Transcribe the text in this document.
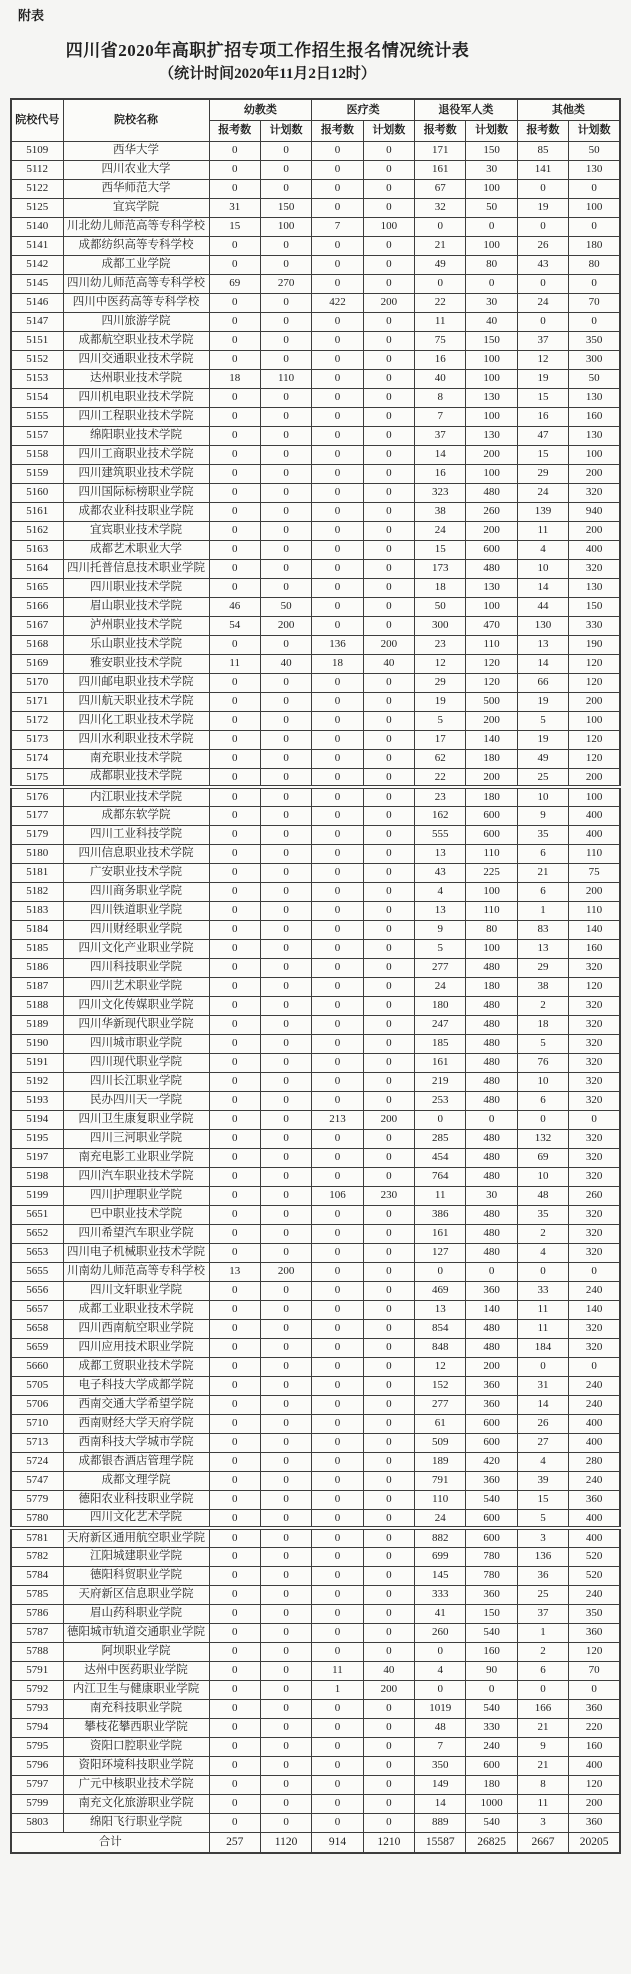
附表
四川省2020年高职扩招专项工作招生报名情况统计表
（统计时间2020年11月2日12时）
院校代号	院校名称	幼教类		医疗类		退役军人类		其他类	
		报考数	计划数	报考数	计划数	报考数	计划数	报考数	计划数
5109	西华大学	0	0	0	0	171	150	85	50
5112	四川农业大学	0	0	0	0	161	30	141	130
5122	西华师范大学	0	0	0	0	67	100	0	0
5125	宜宾学院	31	150	0	0	32	50	19	100
5140	川北幼儿师范高等专科学校	15	100	7	100	0	0	0	0
5141	成都纺织高等专科学校	0	0	0	0	21	100	26	180
5142	成都工业学院	0	0	0	0	49	80	43	80
5145	四川幼儿师范高等专科学校	69	270	0	0	0	0	0	0
5146	四川中医药高等专科学校	0	0	422	200	22	30	24	70
5147	四川旅游学院	0	0	0	0	11	40	0	0
5151	成都航空职业技术学院	0	0	0	0	75	150	37	350
5152	四川交通职业技术学院	0	0	0	0	16	100	12	300
5153	达州职业技术学院	18	110	0	0	40	100	19	50
5154	四川机电职业技术学院	0	0	0	0	8	130	15	130
5155	四川工程职业技术学院	0	0	0	0	7	100	16	160
5157	绵阳职业技术学院	0	0	0	0	37	130	47	130
5158	四川工商职业技术学院	0	0	0	0	14	200	15	100
5159	四川建筑职业技术学院	0	0	0	0	16	100	29	200
5160	四川国际标榜职业学院	0	0	0	0	323	480	24	320
5161	成都农业科技职业学院	0	0	0	0	38	260	139	940
5162	宜宾职业技术学院	0	0	0	0	24	200	11	200
5163	成都艺术职业大学	0	0	0	0	15	600	4	400
5164	四川托普信息技术职业学院	0	0	0	0	173	480	10	320
5165	四川职业技术学院	0	0	0	0	18	130	14	130
5166	眉山职业技术学院	46	50	0	0	50	100	44	150
5167	泸州职业技术学院	54	200	0	0	300	470	130	330
5168	乐山职业技术学院	0	0	136	200	23	110	13	190
5169	雅安职业技术学院	11	40	18	40	12	120	14	120
5170	四川邮电职业技术学院	0	0	0	0	29	120	66	120
5171	四川航天职业技术学院	0	0	0	0	19	500	19	200
5172	四川化工职业技术学院	0	0	0	0	5	200	5	100
5173	四川水利职业技术学院	0	0	0	0	17	140	19	120
5174	南充职业技术学院	0	0	0	0	62	180	49	120
5175	成都职业技术学院	0	0	0	0	22	200	25	200
5176	内江职业技术学院	0	0	0	0	23	180	10	100
5177	成都东软学院	0	0	0	0	162	600	9	400
5179	四川工业科技学院	0	0	0	0	555	600	35	400
5180	四川信息职业技术学院	0	0	0	0	13	110	6	110
5181	广安职业技术学院	0	0	0	0	43	225	21	75
5182	四川商务职业学院	0	0	0	0	4	100	6	200
5183	四川铁道职业学院	0	0	0	0	13	110	1	110
5184	四川财经职业学院	0	0	0	0	9	80	83	140
5185	四川文化产业职业学院	0	0	0	0	5	100	13	160
5186	四川科技职业学院	0	0	0	0	277	480	29	320
5187	四川艺术职业学院	0	0	0	0	24	180	38	120
5188	四川文化传媒职业学院	0	0	0	0	180	480	2	320
5189	四川华新现代职业学院	0	0	0	0	247	480	18	320
5190	四川城市职业学院	0	0	0	0	185	480	5	320
5191	四川现代职业学院	0	0	0	0	161	480	76	320
5192	四川长江职业学院	0	0	0	0	219	480	10	320
5193	民办四川天一学院	0	0	0	0	253	480	6	320
5194	四川卫生康复职业学院	0	0	213	200	0	0	0	0
5195	四川三河职业学院	0	0	0	0	285	480	132	320
5197	南充电影工业职业学院	0	0	0	0	454	480	69	320
5198	四川汽车职业技术学院	0	0	0	0	764	480	10	320
5199	四川护理职业学院	0	0	106	230	11	30	48	260
5651	巴中职业技术学院	0	0	0	0	386	480	35	320
5652	四川希望汽车职业学院	0	0	0	0	161	480	2	320
5653	四川电子机械职业技术学院	0	0	0	0	127	480	4	320
5655	川南幼儿师范高等专科学校	13	200	0	0	0	0	0	0
5656	四川文轩职业学院	0	0	0	0	469	360	33	240
5657	成都工业职业技术学院	0	0	0	0	13	140	11	140
5658	四川西南航空职业学院	0	0	0	0	854	480	11	320
5659	四川应用技术职业学院	0	0	0	0	848	480	184	320
5660	成都工贸职业技术学院	0	0	0	0	12	200	0	0
5705	电子科技大学成都学院	0	0	0	0	152	360	31	240
5706	西南交通大学希望学院	0	0	0	0	277	360	14	240
5710	西南财经大学天府学院	0	0	0	0	61	600	26	400
5713	西南科技大学城市学院	0	0	0	0	509	600	27	400
5724	成都银杏酒店管理学院	0	0	0	0	189	420	4	280
5747	成都文理学院	0	0	0	0	791	360	39	240
5779	德阳农业科技职业学院	0	0	0	0	110	540	15	360
5780	四川文化艺术学院	0	0	0	0	24	600	5	400
5781	天府新区通用航空职业学院	0	0	0	0	882	600	3	400
5782	江阳城建职业学院	0	0	0	0	699	780	136	520
5784	德阳科贸职业学院	0	0	0	0	145	780	36	520
5785	天府新区信息职业学院	0	0	0	0	333	360	25	240
5786	眉山药科职业学院	0	0	0	0	41	150	37	350
5787	德阳城市轨道交通职业学院	0	0	0	0	260	540	1	360
5788	阿坝职业学院	0	0	0	0	0	160	2	120
5791	达州中医药职业学院	0	0	11	40	4	90	6	70
5792	内江卫生与健康职业学院	0	0	1	200	0	0	0	0
5793	南充科技职业学院	0	0	0	0	1019	540	166	360
5794	攀枝花攀西职业学院	0	0	0	0	48	330	21	220
5795	资阳口腔职业学院	0	0	0	0	7	240	9	160
5796	资阳环境科技职业学院	0	0	0	0	350	600	21	400
5797	广元中核职业技术学院	0	0	0	0	149	180	8	120
5799	南充文化旅游职业学院	0	0	0	0	14	1000	11	200
5803	绵阳飞行职业学院	0	0	0	0	889	540	3	360
合计		257	1120	914	1210	15587	26825	2667	20205
